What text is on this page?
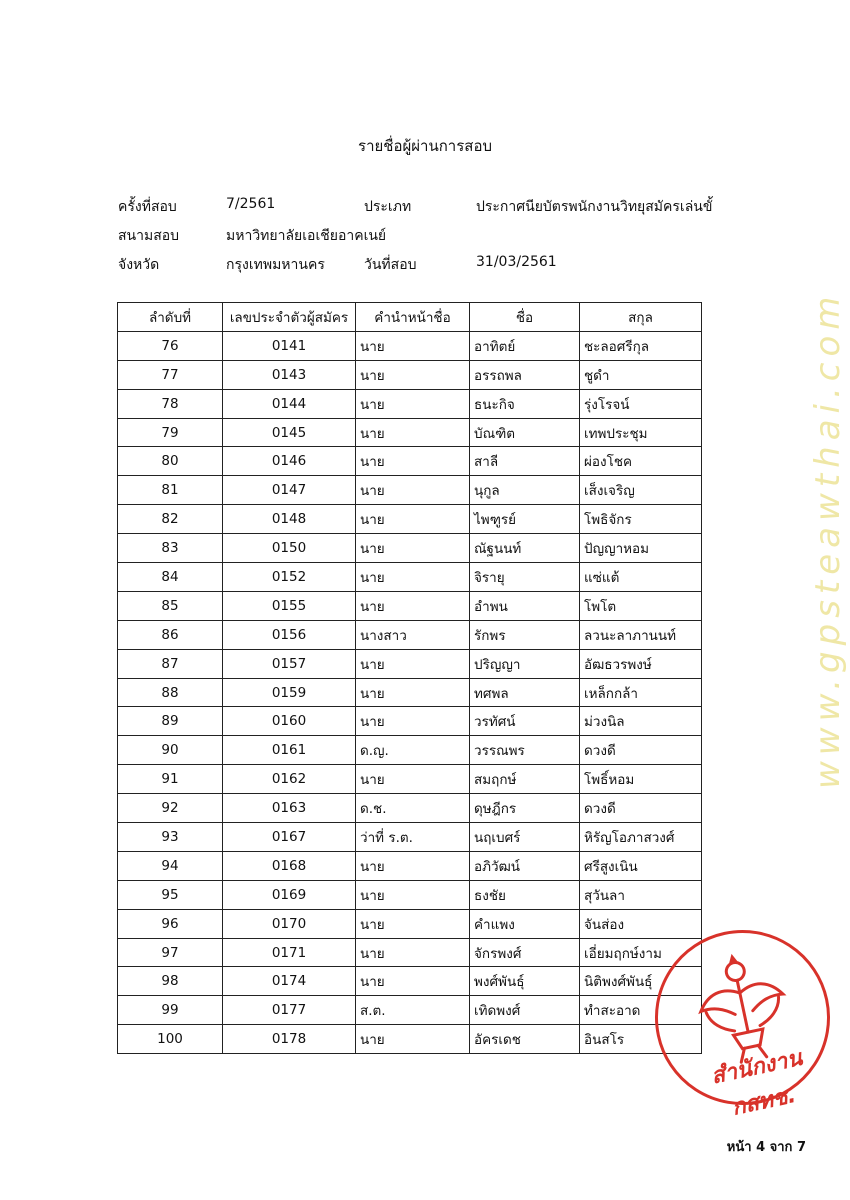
www.gpsteawthai.com
รายชื่อผู้ผ่านการสอบ
ครั้งที่สอบ	7/2561	ประเภท	ประกาศนียบัตรพนักงานวิทยุสมัครเล่นขั้
สนามสอบ	มหาวิทยาลัยเอเชียอาคเนย์
จังหวัด	กรุงเทพมหานคร	วันที่สอบ	31/03/2561
ลำดับที่	เลขประจำตัวผู้สมัคร	คำนำหน้าชื่อ	ชื่อ	สกุล
76	0141	นาย	อาทิตย์	ชะลอศรีกุล
77	0143	นาย	อรรถพล	ชูดำ
78	0144	นาย	ธนะกิจ	รุ่งโรจน์
79	0145	นาย	บัณฑิต	เทพประชุม
80	0146	นาย	สาลี	ผ่องโชค
81	0147	นาย	นุกูล	เส็งเจริญ
82	0148	นาย	ไพฑูรย์	โพธิจักร
83	0150	นาย	ณัฐนนท์	ปัญญาหอม
84	0152	นาย	จิรายุ	แซ่แต้
85	0155	นาย	อำพน	โพโต
86	0156	นางสาว	รักพร	ลวนะลาภานนท์
87	0157	นาย	ปริญญา	อัฒธวรพงษ์
88	0159	นาย	ทศพล	เหล็กกล้า
89	0160	นาย	วรทัศน์	ม่วงนิล
90	0161	ด.ญ.	วรรณพร	ดวงดี
91	0162	นาย	สมฤกษ์	โพธิ์หอม
92	0163	ด.ช.	ดุษฎีกร	ดวงดี
93	0167	ว่าที่ ร.ต.	นฤเบศร์	หิรัญโอภาสวงศ์
94	0168	นาย	อภิวัฒน์	ศรีสูงเนิน
95	0169	นาย	ธงชัย	สุวันลา
96	0170	นาย	คำแพง	จันส่อง
97	0171	นาย	จักรพงศ์	เอี่ยมฤกษ์งาม
98	0174	นาย	พงศ์พันธุ์	นิติพงศ์พันธุ์
99	0177	ส.ต.	เทิดพงศ์	ทำสะอาด
100	0178	นาย	อัครเดช	อินสโร
สำนักงาน กสทช.
หน้า 4 จาก 7
